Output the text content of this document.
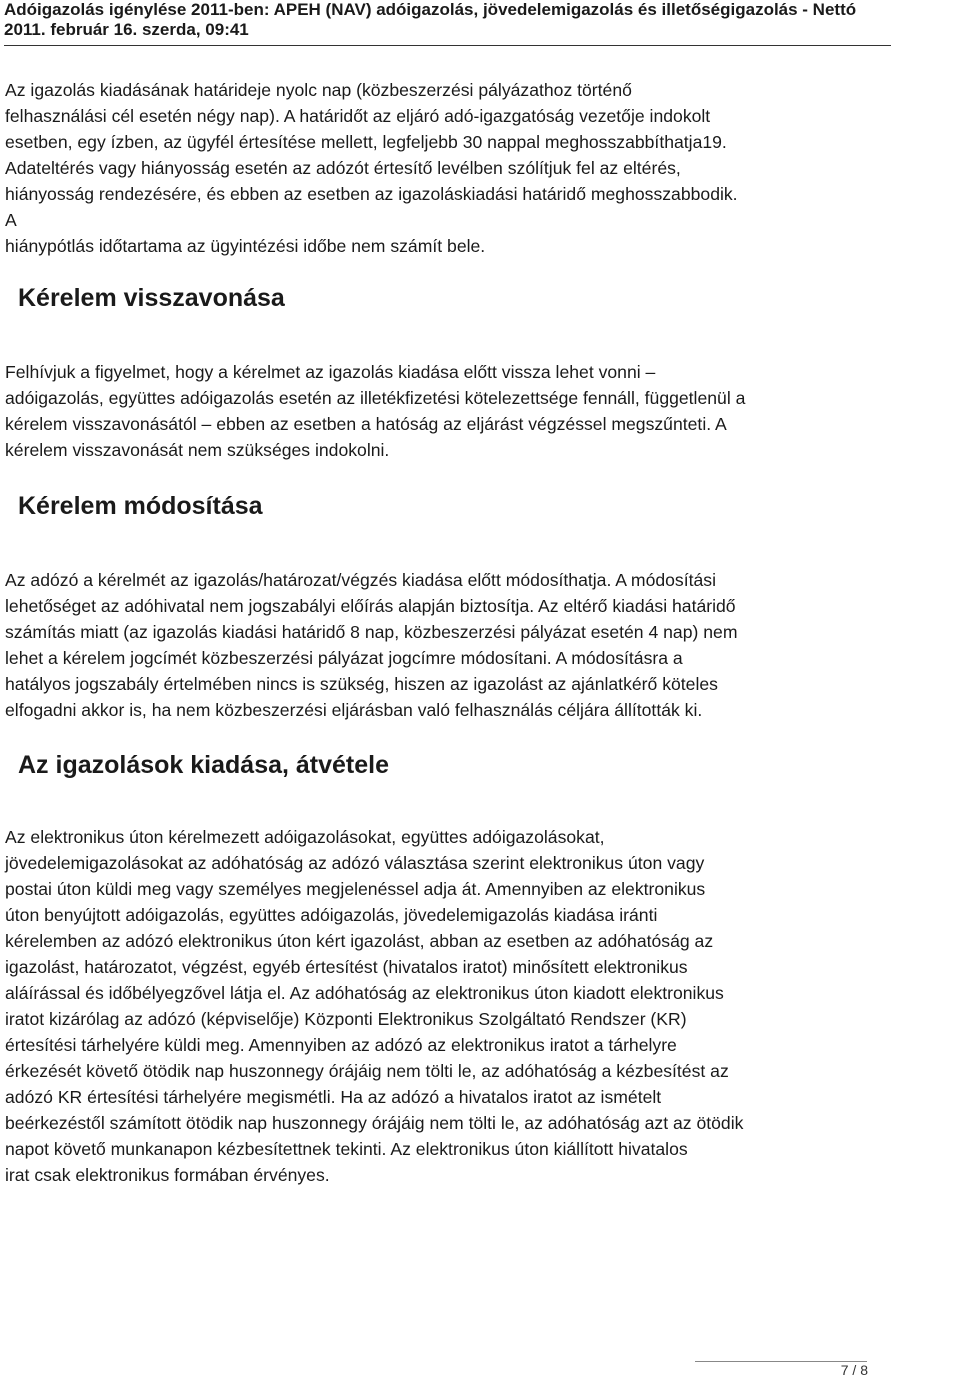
Adóigazolás igénylése 2011-ben: APEH (NAV) adóigazolás, jövedelemigazolás és illetőségigazolás - Nettó

2011. február 16. szerda, 09:41

Az igazolás kiadásának határideje nyolc nap (közbeszerzési pályázathoz történő
felhasználási cél esetén négy nap). A határidőt az eljáró adó-igazgatóság vezetője indokolt
esetben, egy ízben, az ügyfél értesítése mellett, legfeljebb 30 nappal meghosszabbíthatja19.
Adateltérés vagy hiányosság esetén az adózót értesítő levélben szólítjuk fel az eltérés,
hiányosság rendezésére, és ebben az esetben az igazoláskiadási határidő meghosszabbodik.
A
hiánypótlás időtartama az ügyintézési időbe nem számít bele.
Kérelem visszavonása
Felhívjuk a figyelmet, hogy a kérelmet az igazolás kiadása előtt vissza lehet vonni –
adóigazolás, együttes adóigazolás esetén az illetékfizetési kötelezettsége fennáll, függetlenül a
kérelem visszavonásától – ebben az esetben a hatóság az eljárást végzéssel megszűnteti. A
kérelem visszavonását nem szükséges indokolni.
Kérelem módosítása
Az adózó a kérelmét az igazolás/határozat/végzés kiadása előtt módosíthatja. A módosítási
lehetőséget az adóhivatal nem jogszabályi előírás alapján biztosítja. Az eltérő kiadási határidő
számítás miatt (az igazolás kiadási határidő 8 nap, közbeszerzési pályázat esetén 4 nap) nem
lehet a kérelem jogcímét közbeszerzési pályázat jogcímre módosítani. A módosításra a
hatályos jogszabály értelmében nincs is szükség, hiszen az igazolást az ajánlatkérő köteles
elfogadni akkor is, ha nem közbeszerzési eljárásban való felhasználás céljára állították ki.
Az igazolások kiadása, átvétele
Az elektronikus úton kérelmezett adóigazolásokat, együttes adóigazolásokat,
jövedelemigazolásokat az adóhatóság az adózó választása szerint elektronikus úton vagy
postai úton küldi meg vagy személyes megjelenéssel adja át. Amennyiben az elektronikus
úton benyújtott adóigazolás, együttes adóigazolás, jövedelemigazolás kiadása iránti
kérelemben az adózó elektronikus úton kért igazolást, abban az esetben az adóhatóság az
igazolást, határozatot, végzést, egyéb értesítést (hivatalos iratot) minősített elektronikus
aláírással és időbélyegzővel látja el. Az adóhatóság az elektronikus úton kiadott elektronikus
iratot kizárólag az adózó (képviselője) Központi Elektronikus Szolgáltató Rendszer (KR)
értesítési tárhelyére küldi meg. Amennyiben az adózó az elektronikus iratot a tárhelyre
érkezését követő ötödik nap huszonnegy órájáig nem tölti le, az adóhatóság a kézbesítést az
adózó KR értesítési tárhelyére megismétli. Ha az adózó a hivatalos iratot az ismételt
beérkezéstől számított ötödik nap huszonnegy órájáig nem tölti le, az adóhatóság azt az ötödik
napot követő munkanapon kézbesítettnek tekinti. Az elektronikus úton kiállított hivatalos
irat csak elektronikus formában érvényes.
7 / 8
